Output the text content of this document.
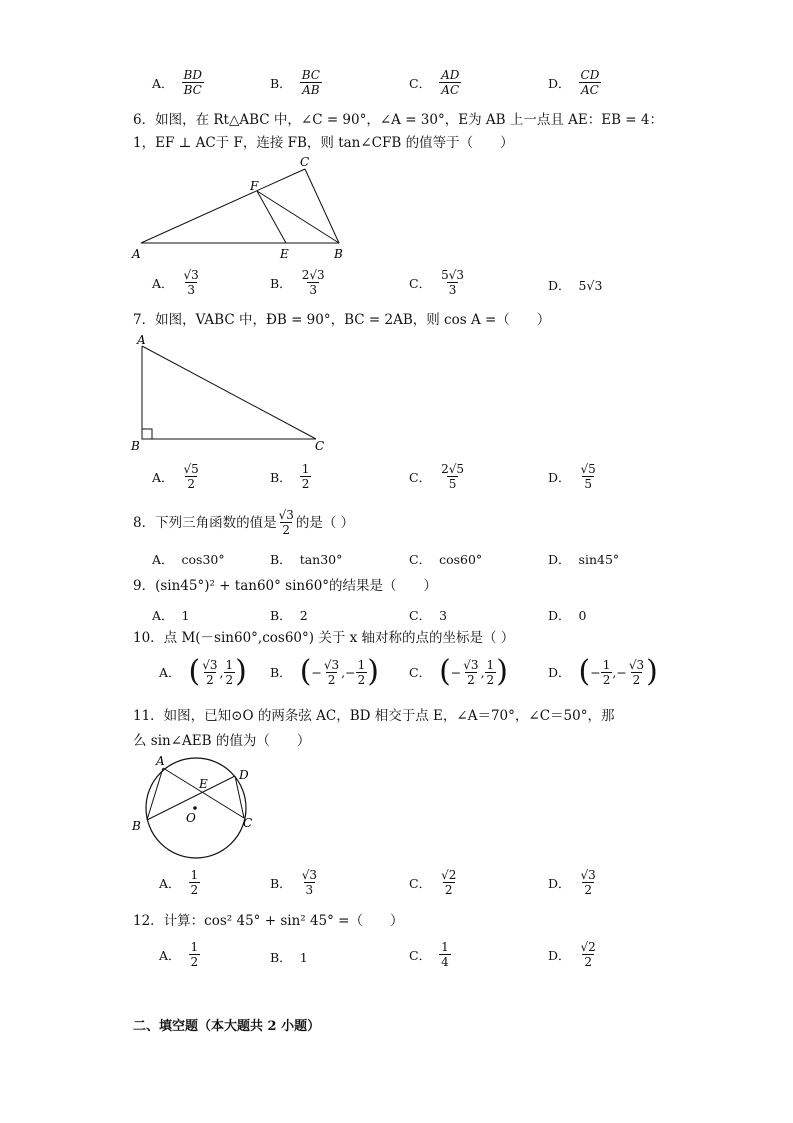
A． $\frac{BD}{BC}$	B． $\frac{BC}{AB}$	C． $\frac{AD}{AC}$	D． $\frac{CD}{AC}$
6．如图，在 Rt△ABC 中，∠C = 90°，∠A = 30°，E为 AB 上一点且 AE：EB = 4：
1，EF ⊥ AC于 F，连接 FB，则 tan∠CFB 的值等于（　　）
A	B
C
E
F
A． $\frac{√3}{3}$	B． $\frac{2√3}{3}$	C． $\frac{5√3}{3}$	D． 5√3
7．如图，VABC 中，ÐB = 90°，BC = 2AB，则 cos A =（　　）
A
B	C
A． $\frac{√5}{2}$	B． $\frac{1}{2}$	C． $\frac{2√5}{5}$	D． $\frac{√5}{5}$
8．下列三角函数的值是 $\frac{√3}{2}$ 的是（ ）
A． cos30°	B． tan30°	C． cos60°	D． sin45°
9．(sin45°)² + tan60° sin60°的结果是（　　）
A． 1	B． 2	C． 3	D． 0
10．点 M(－sin60°,cos60°) 关于 x 轴对称的点的坐标是（ ）
A． ( $\frac{√3}{2}$ , $\frac{1}{2}$ ) B． ( − $\frac{√3}{2}$ , − $\frac{1}{2}$ ) C． ( − $\frac{√3}{2}$ , $\frac{1}{2}$ )	D． ( − $\frac{1}{2}$ , − $\frac{√3}{2}$ )
11．如图，已知⊙O 的两条弦 AC，BD 相交于点 E，∠A＝70°，∠C＝50°，那
么 sin∠AEB 的值为（　　）
A
B	C
D
E
O
A． $\frac{1}{2}$	B． $\frac{√3}{3}$	C． $\frac{√2}{2}$	D． $\frac{√3}{2}$
12．计算：cos² 45° + sin² 45° =（　　）
A． $\frac{1}{2}$	B． 1	C． $\frac{1}{4}$	D． $\frac{√2}{2}$
二、填空题（本大题共 2 小题）
